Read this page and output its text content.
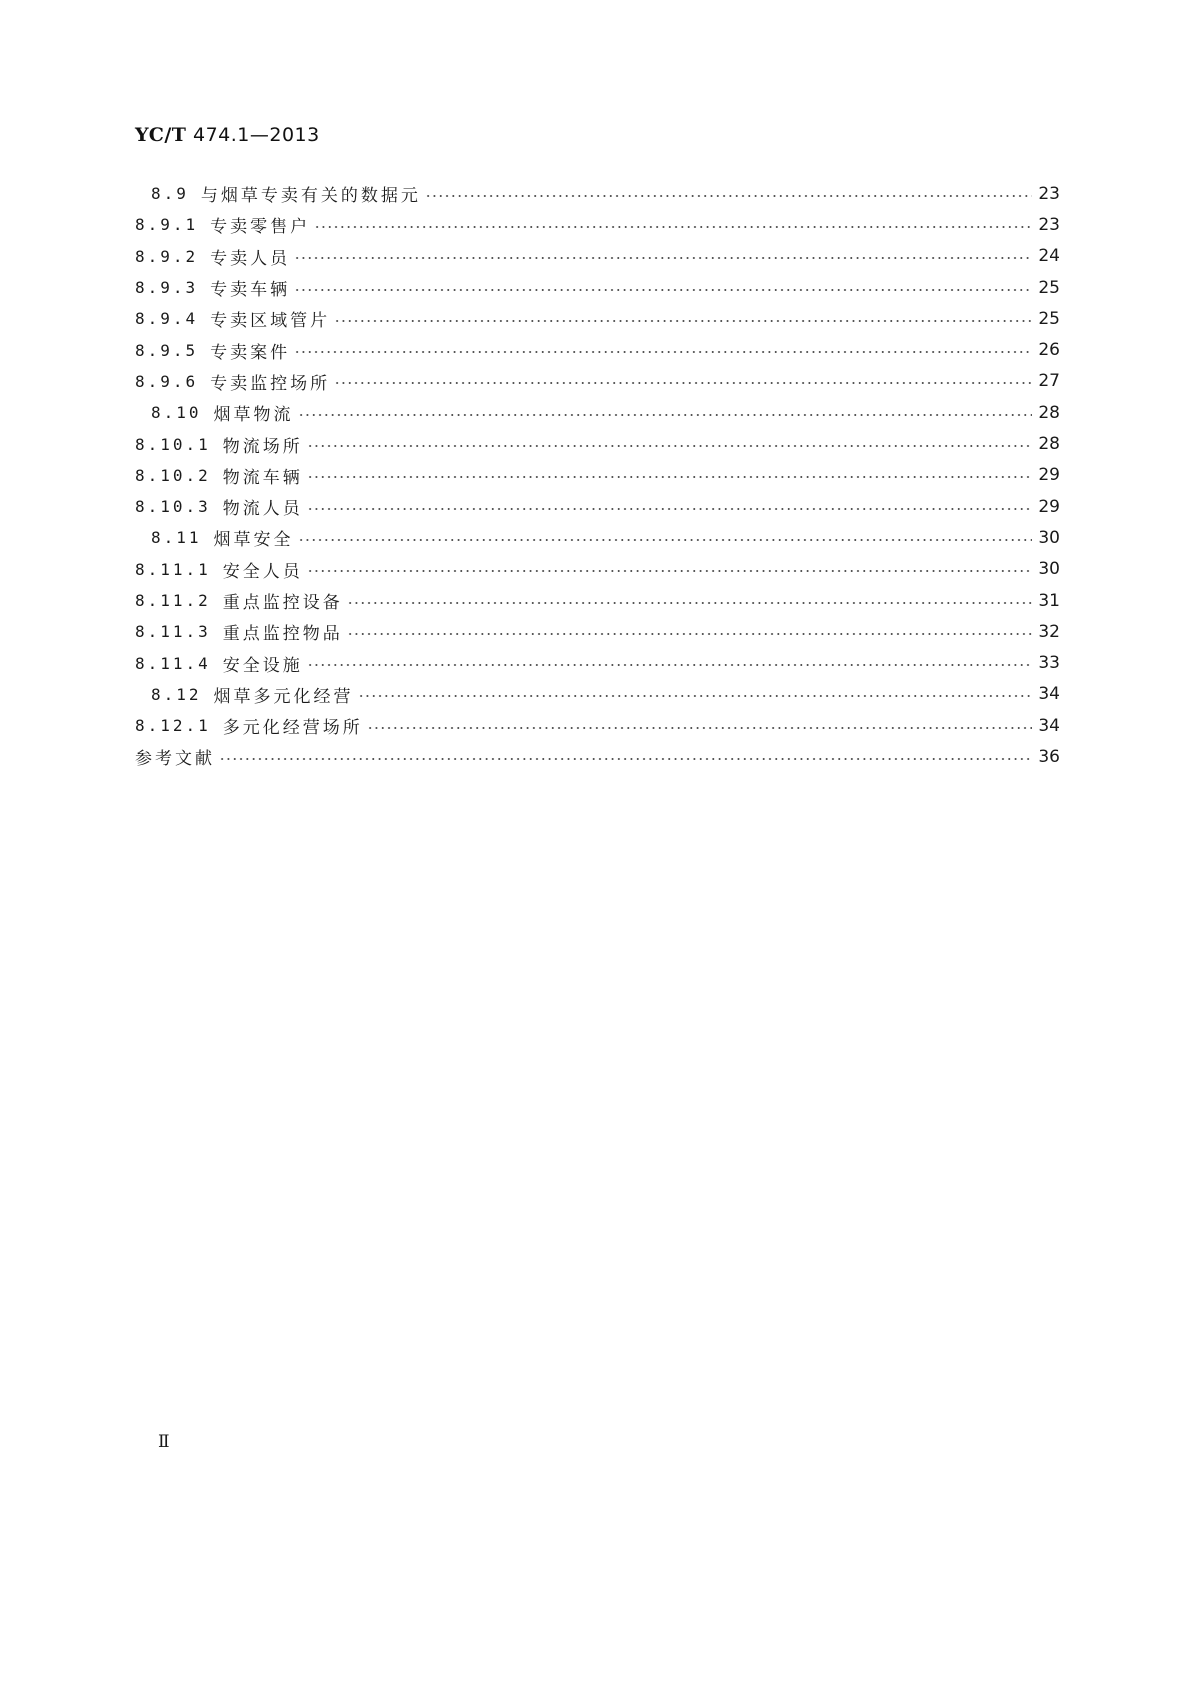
YC/T 474.1—2013
8.9 与烟草专卖有关的数据元	23
8.9.1 专卖零售户	23
8.9.2 专卖人员	24
8.9.3 专卖车辆	25
8.9.4 专卖区域管片	25
8.9.5 专卖案件	26
8.9.6 专卖监控场所	27
8.10 烟草物流	28
8.10.1 物流场所	28
8.10.2 物流车辆	29
8.10.3 物流人员	29
8.11 烟草安全	30
8.11.1 安全人员	30
8.11.2 重点监控设备	31
8.11.3 重点监控物品	32
8.11.4 安全设施	33
8.12 烟草多元化经营	34
8.12.1 多元化经营场所	34
参考文献	36
Ⅱ
